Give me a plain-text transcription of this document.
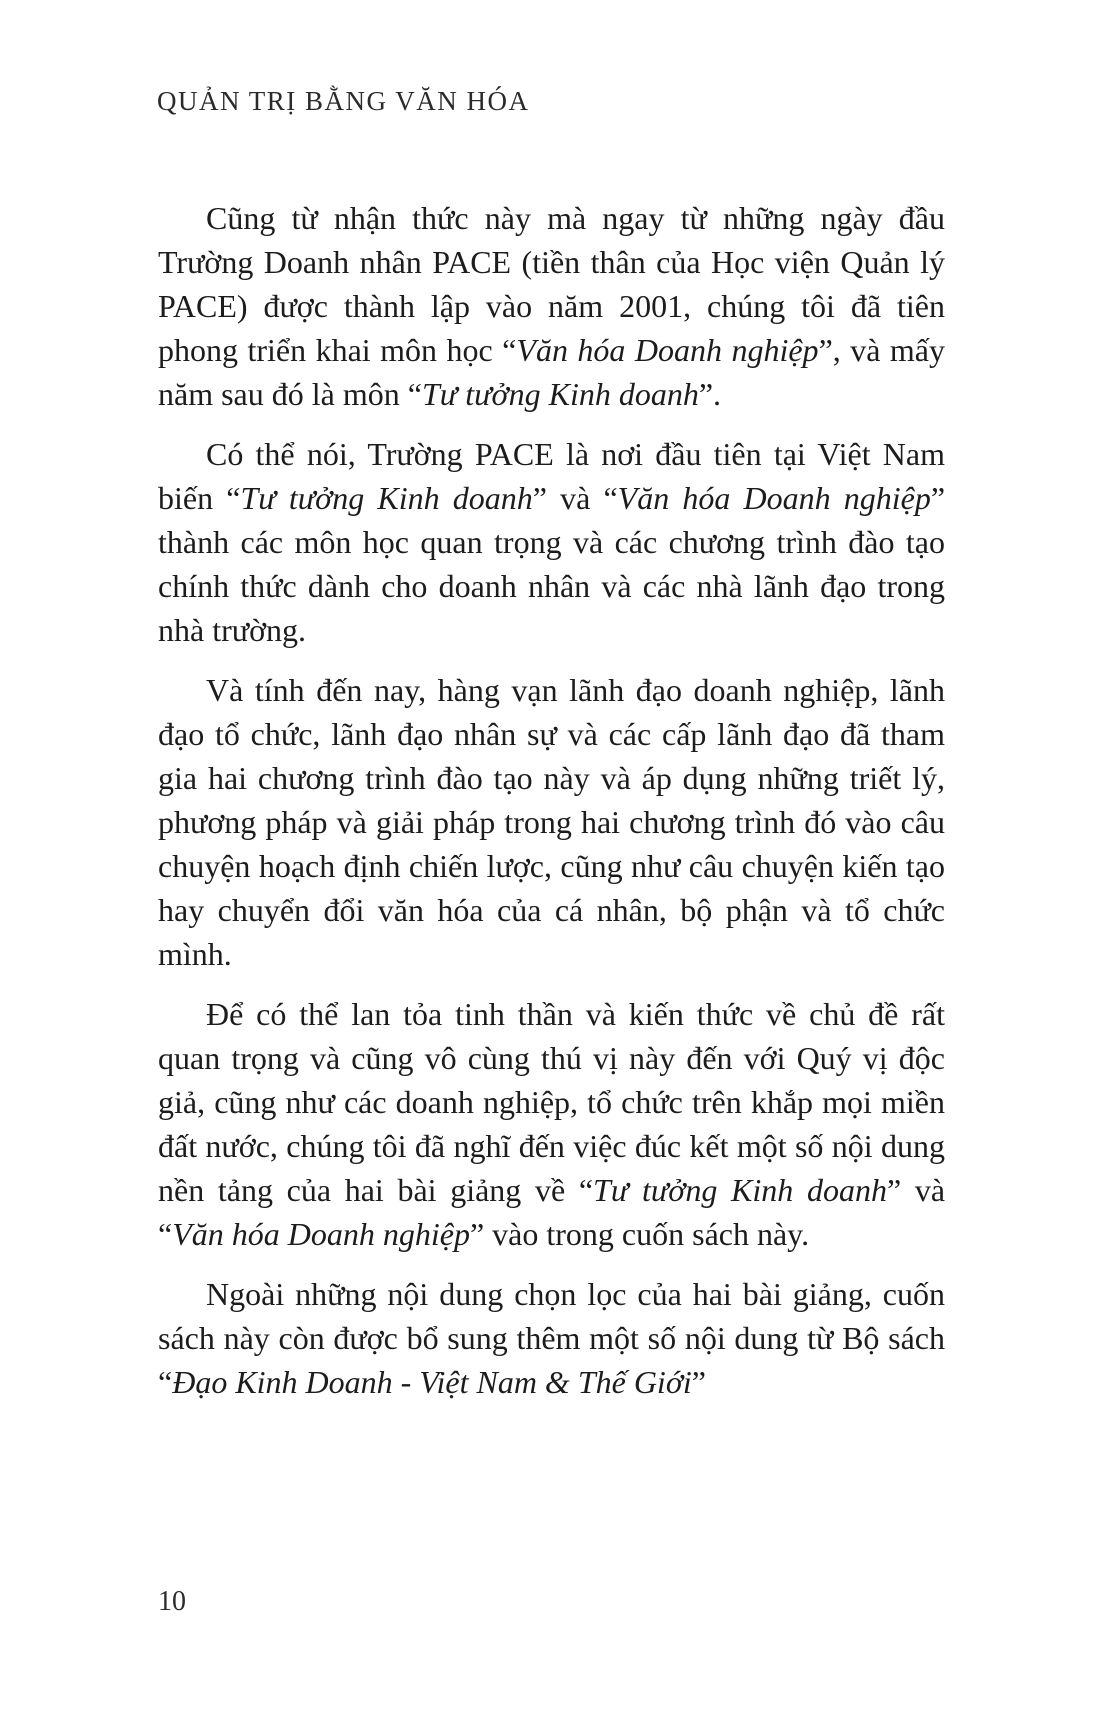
QUẢN TRỊ BẰNG VĂN HÓA

Cũng từ nhận thức này mà ngay từ những ngày đầu Trường Doanh nhân PACE (tiền thân của Học viện Quản lý PACE) được thành lập vào năm 2001, chúng tôi đã tiên phong triển khai môn học “Văn hóa Doanh nghiệp”, và mấy năm sau đó là môn “Tư tưởng Kinh doanh”.

Có thể nói, Trường PACE là nơi đầu tiên tại Việt Nam biến “Tư tưởng Kinh doanh” và “Văn hóa Doanh nghiệp” thành các môn học quan trọng và các chương trình đào tạo chính thức dành cho doanh nhân và các nhà lãnh đạo trong nhà trường.

Và tính đến nay, hàng vạn lãnh đạo doanh nghiệp, lãnh đạo tổ chức, lãnh đạo nhân sự và các cấp lãnh đạo đã tham gia hai chương trình đào tạo này và áp dụng những triết lý, phương pháp và giải pháp trong hai chương trình đó vào câu chuyện hoạch định chiến lược, cũng như câu chuyện kiến tạo hay chuyển đổi văn hóa của cá nhân, bộ phận và tổ chức mình.

Để có thể lan tỏa tinh thần và kiến thức về chủ đề rất quan trọng và cũng vô cùng thú vị này đến với Quý vị độc giả, cũng như các doanh nghiệp, tổ chức trên khắp mọi miền đất nước, chúng tôi đã nghĩ đến việc đúc kết một số nội dung nền tảng của hai bài giảng về “Tư tưởng Kinh doanh” và “Văn hóa Doanh nghiệp” vào trong cuốn sách này.

Ngoài những nội dung chọn lọc của hai bài giảng, cuốn sách này còn được bổ sung thêm một số nội dung từ Bộ sách “Đạo Kinh Doanh - Việt Nam & Thế Giới”

10
